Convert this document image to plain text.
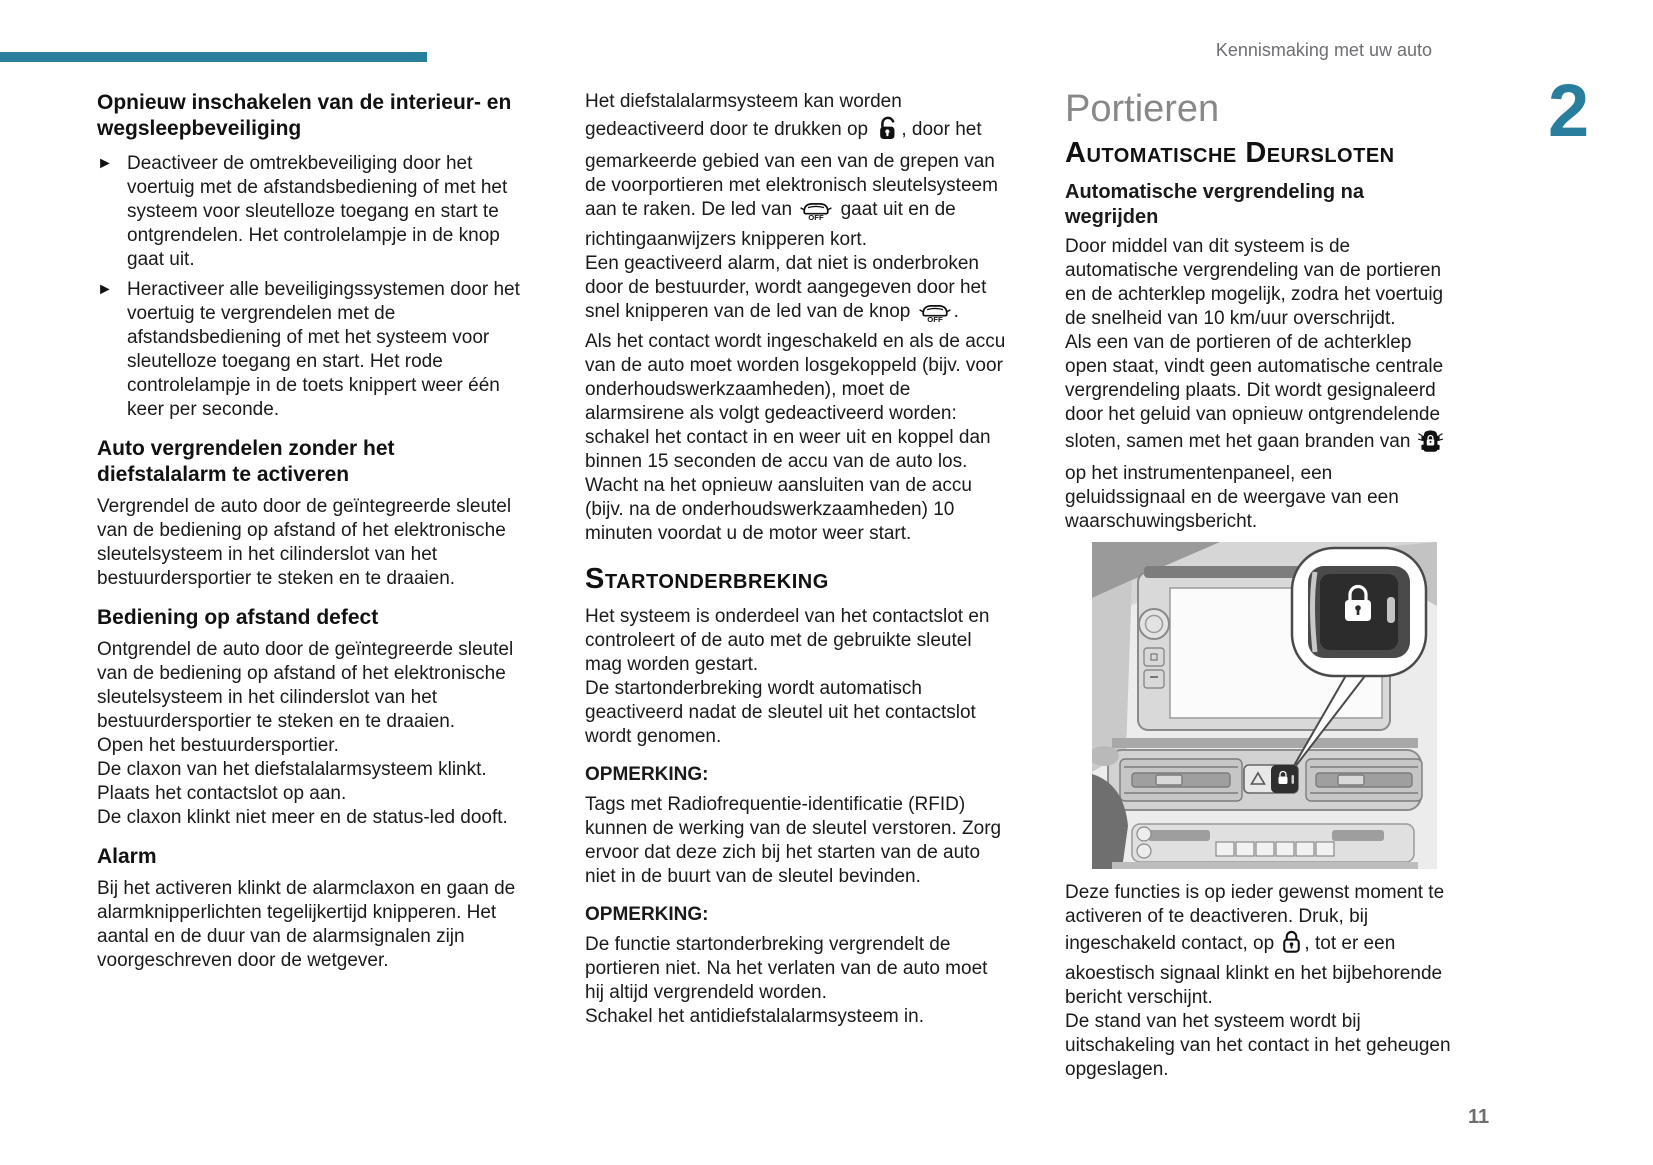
Kennismaking met uw auto
2
Opnieuw inschakelen van de interieur- en wegsleepbeveiliging
► Deactiveer de omtrekbeveiliging door het voertuig met de afstandsbediening of met het systeem voor sleutelloze toegang en start te ontgrendelen. Het controlelampje in de knop gaat uit.
► Heractiveer alle beveiligingssystemen door het voertuig te vergrendelen met de afstandsbediening of met het systeem voor sleutelloze toegang en start. Het rode controlelampje in de toets knippert weer één keer per seconde.
Auto vergrendelen zonder het diefstalalarm te activeren

Vergrendel de auto door de geïntegreerde sleutel van de bediening op afstand of het elektronische sleutelsysteem in het cilinderslot van het bestuurdersportier te steken en te draaien.

Bediening op afstand defect

Ontgrendel de auto door de geïntegreerde sleutel van de bediening op afstand of het elektronische sleutelsysteem in het cilinderslot van het bestuurdersportier te steken en te draaien.
Open het bestuurdersportier.
De claxon van het diefstalalarmsysteem klinkt.
Plaats het contactslot op aan.
De claxon klinkt niet meer en de status-led dooft.

Alarm

Bij het activeren klinkt de alarmclaxon en gaan de alarmknipperlichten tegelijkertijd knipperen. Het aantal en de duur van de alarmsignalen zijn voorgeschreven door de wetgever.

Het diefstalalarmsysteem kan worden gedeactiveerd door te drukken op , door het gemarkeerde gebied van een van de grepen van de voorportieren met elektronisch sleutelsysteem aan te raken. De led van OFF gaat uit en de richtingaanwijzers knipperen kort.
Een geactiveerd alarm, dat niet is onderbroken door de bestuurder, wordt aangegeven door het snel knipperen van de led van de knop OFF .
Als het contact wordt ingeschakeld en als de accu van de auto moet worden losgekoppeld (bijv. voor onderhoudswerkzaamheden), moet de alarmsirene als volgt gedeactiveerd worden: schakel het contact in en weer uit en koppel dan binnen 15 seconden de accu van de auto los. Wacht na het opnieuw aansluiten van de accu (bijv. na de onderhoudswerkzaamheden) 10 minuten voordat u de motor weer start.

Startonderbreking

Het systeem is onderdeel van het contactslot en controleert of de auto met de gebruikte sleutel mag worden gestart.
De startonderbreking wordt automatisch geactiveerd nadat de sleutel uit het contactslot wordt genomen.

OPMERKING:

Tags met Radiofrequentie-identificatie (RFID) kunnen de werking van de sleutel verstoren. Zorg ervoor dat deze zich bij het starten van de auto niet in de buurt van de sleutel bevinden.

OPMERKING:

De functie startonderbreking vergrendelt de portieren niet. Na het verlaten van de auto moet hij altijd vergrendeld worden.
Schakel het antidiefstalalarmsysteem in.

Portieren
Automatische Deursloten
Automatische vergrendeling na wegrijden

Door middel van dit systeem is de automatische vergrendeling van de portieren en de achterklep mogelijk, zodra het voertuig de snelheid van 10 km/uur overschrijdt.
Als een van de portieren of de achterklep open staat, vindt geen automatische centrale vergrendeling plaats. Dit wordt gesignaleerd door het geluid van opnieuw ontgrendelende sloten, samen met het gaan branden van  op het instrumentenpaneel, een geluidssignaal en de weergave van een waarschuwingsbericht.

Deze functies is op ieder gewenst moment te activeren of te deactiveren. Druk, bij ingeschakeld contact, op , tot er een akoestisch signaal klinkt en het bijbehorende bericht verschijnt.
De stand van het systeem wordt bij uitschakeling van het contact in het geheugen opgeslagen.

11
